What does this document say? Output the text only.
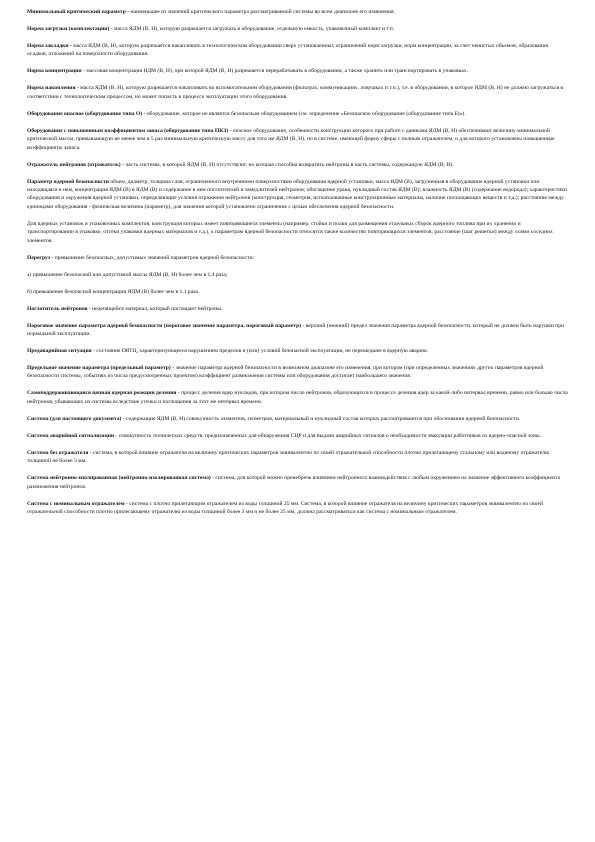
Минимальный критический параметр - наименьшее из значений критического параметра рассматриваемой системы во всем диапазоне его изменения.

Норма загрузки (комплектации) - масса ЯДМ (В, Н), которую разрешается загружать в оборудование, отдельную емкость, упаковочный комплект и т.п.

Норма закладки - масса ЯДМ (В, Н), которую разрешается накапливать в технологическом оборудовании сверх установленных ограничений норм загрузки, норм концентрации, за счет пенистых объемов, образования осадков, отложений на поверхности оборудования.

Норма концентрации - массовая концентрация ЯДМ (В, Н), при которой ЯДМ (В, Н) разрешается перерабатывать в оборудовании, а также хранить или транспортировать в упаковках.

Норма накопления - масса ЯДМ (В, Н), которую разрешается накапливать во вспомогательном оборудовании (фильтрах, коммуникациях, ловушках и т.п.), т.е. в оборудовании, в которое ЯДМ (В, Н) не должно загружаться в соответствии с технологическим процессом, но может попасть в процессе эксплуатации этого оборудования.

Оборудование опасное (оборудование типа О) - оборудование, которое не является безопасным оборудованием (см. определение «Безопасное оборудование (оборудование типа Б)»).

Оборудование с повышенным коэффициентом запаса (оборудование типа ПКЗ) - опасное оборудование, особенности конструкции которого при работе с данными ЯДМ (В, Н) обеспечивают величину минимальной критической массы, превышающую не менее чем в 5 раз минимальную критическую массу для того же ЯДМ (В, Н), но в системе, имеющей форму сферы с полным отражателем, и для которого установлены повышенные коэффициенты запаса.

Отражатель нейтронов (отражатель) - часть системы, в которой ЯДМ (В, Н) отсутствуют, но которая способна возвратить нейтроны в часть системы, содержащую ЯДМ (В, Н).

Параметр ядерной безопасности объем, диаметр, толщина слоя, ограниченного внутренними поверхностями оборудования ядерной установки, масса ЯДМ (В), загруженная в оборудование ядерной установки или находящаяся в нем, концентрация ЯДМ (В) в ЯДМ (В) и содержание в нем поглотителей и замедлителей нейтронов; обогащение урана, нуклидный состав ЯДМ (В); влажность ЯДМ (В) (содержание водорода); характеристики оборудования и окружения ядерной установки, определяющие условия отражения нейтронов (конструкция, геометрия, использованные конструкционные материалы, наличие поглощающих веществ и т.д.); расстояние между единицами оборудования - физическая величина (параметр), для значения которой установлено ограничение с целью обеспечения ядерной безопасности.

Для ядерных установок и упаковочных комплектов, конструкция которых имеет повторяющиеся элементы (например, стойки и полки для размещения отдельных сборок ядерного топлива при их хранении и транспортировании в упаковке, отсеки упаковки ядерных материалов и т.д.), к параметрам ядерной безопасности относятся также количество повторяющихся элементов; расстояние (шаг решетки) между осями соседних элементов.

Перегруз - превышение безопасных, допустимых значений параметров ядерной безопасности:

а) превышение безопасной или допустимой массы ЯДМ (В, Н) более чем в 1,4 раза;

б) превышение безопасной концентрации ЯДМ (В) более чем в 1,1 раза.

Поглотитель нейтронов - недепящийся материал, который поглощает нейтроны.

Пороговое значение параметра ядерной безопасности (пороговое значение параметра, пороговый параметр) - верхний (нижний) предел значения параметра ядерной безопасности, который не должен быть нарушен при нормальной эксплуатации.

Предаварийная ситуация - состояние ОЯТЦ, характеризующееся нарушением пределов и (или) условий безопасной эксплуатации, не перешедшее в ядерную аварию.

Предельное значение параметра (предельный параметр) - значение параметра ядерной безопасности в возможном диапазоне его изменения, при котором (при определенных значениях других параметров ядерной безопасности системы, событиях из числа предусмотренных проектом) коэффициент размножения системы или оборудования достигает наибольшего значения.

Самоподдерживающаяся цепная ядерная реакция деления - процесс деления ядер нуклидов, при котором число нейтронов, образующихся в процессе деления ядер за какой-либо интервал времени, равно или больше числа нейтронов, убывающих из системы вследствие утечки и поглощения за этот же интервал времени.

Система (для настоящего документа) - содержащие ЯДМ (В, Н) совокупность элементов, геометрия, материальный и нуклидный состав которых рассматриваются при обосновании ядерной безопасности.

Система аварийной сигнализации - совокупность технических средств, предназначенных для обнаружения СЦР и для выдачи аварийных сигналов о необходимости эвакуации работников из ядерно-опасной зоны.

Система без отражателя - система, в которой влияние отражателя на величину критических параметров эквивалентно по своей отражательной способности плотно прилегающему стальному или водяному отражателю толщиной не более 3 мм.

Система нейтронно-изолированная (нейтронно-изолированная система) - система, для которой можно пренебречь влиянием нейтронного взаимодействия с любым окружением на значение эффективного коэффициента размножения нейтронов.

Система с номинальным отражателем - система с плотно прилегающим отражателем из воды толщиной 25 мм. Система, в которой влияние отражателя на величину критических параметров эквивалентно по своей отражательной способности плотно прилегающему отражателю из воды толщиной более 3 мм и не более 25 мм, должна рассматриваться как система с номинальным отражателем.
